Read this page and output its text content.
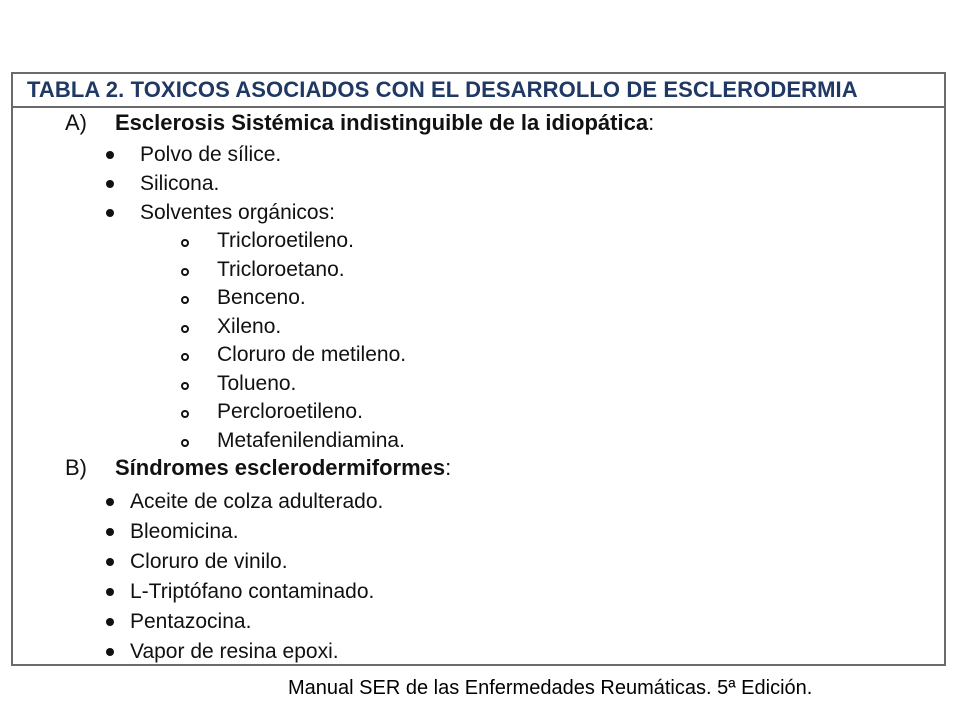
TABLA 2. TOXICOS ASOCIADOS CON EL DESARROLLO DE ESCLERODERMIA
A) Esclerosis Sistémica indistinguible de la idiopática:
Polvo de sílice.
Silicona.
Solventes orgánicos:
Tricloroetileno.
Tricloroetano.
Benceno.
Xileno.
Cloruro de metileno.
Tolueno.
Percloroetileno.
Metafenilendiamina.
B) Síndromes esclerodermiformes:
Aceite de colza adulterado.
Bleomicina.
Cloruro de vinilo.
L-Triptófano contaminado.
Pentazocina.
Vapor de resina epoxi.
Manual SER de las Enfermedades Reumáticas. 5ª Edición.
